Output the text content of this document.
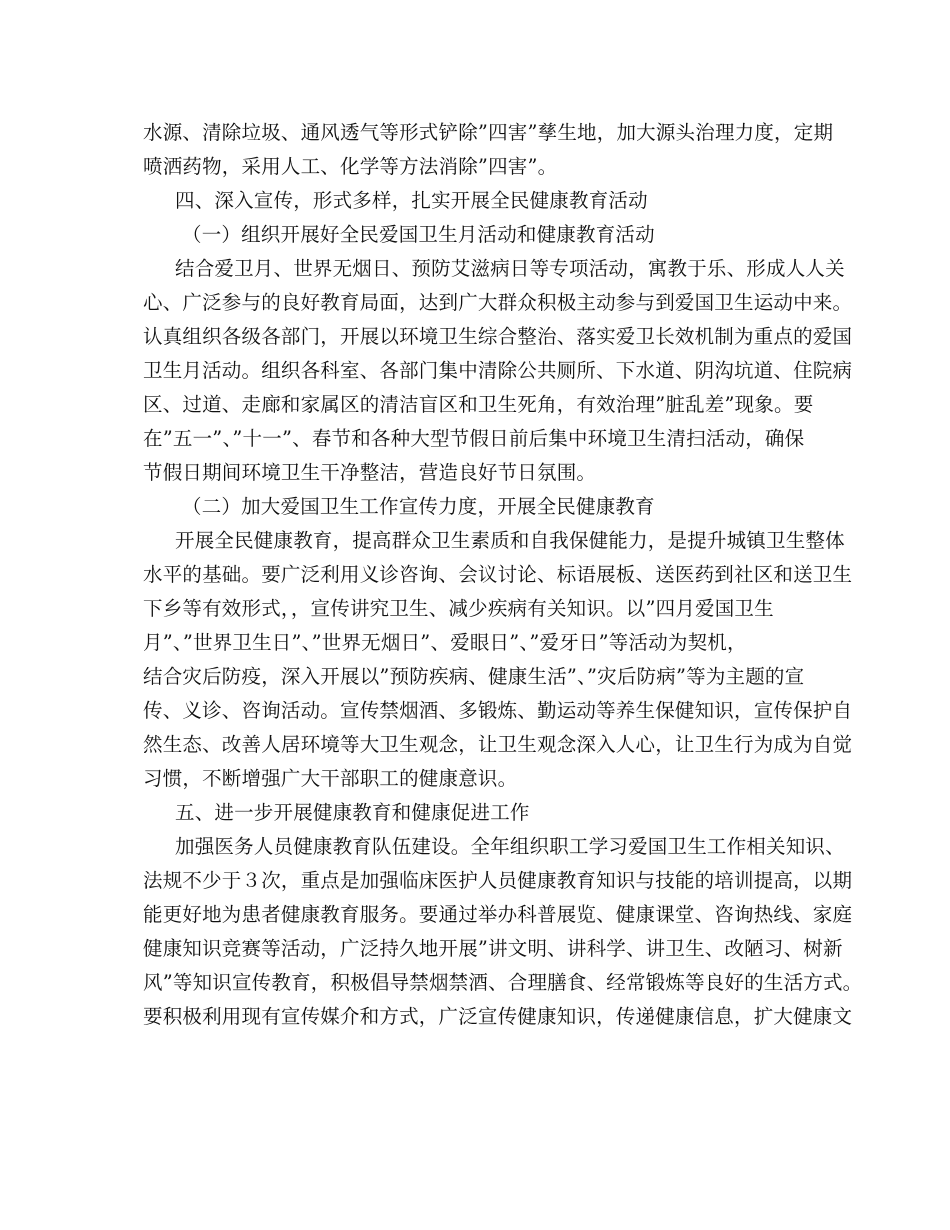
水源、清除垃圾、通风透气等形式铲除”四害”孳生地，加大源头治理力度，定期
喷洒药物，采用人工、化学等方法消除”四害”。
四、深入宣传，形式多样，扎实开展全民健康教育活动
（一）组织开展好全民爱国卫生月活动和健康教育活动
结合爱卫月、世界无烟日、预防艾滋病日等专项活动，寓教于乐、形成人人关
心、广泛参与的良好教育局面，达到广大群众积极主动参与到爱国卫生运动中来。
认真组织各级各部门，开展以环境卫生综合整治、落实爱卫长效机制为重点的爱国
卫生月活动。组织各科室、各部门集中清除公共厕所、下水道、阴沟坑道、住院病
区、过道、走廊和家属区的清洁盲区和卫生死角，有效治理”脏乱差”现象。要
在”五一”、”十一”、春节和各种大型节假日前后集中环境卫生清扫活动，确保
节假日期间环境卫生干净整洁，营造良好节日氛围。
（二）加大爱国卫生工作宣传力度，开展全民健康教育
开展全民健康教育，提高群众卫生素质和自我保健能力，是提升城镇卫生整体
水平的基础。要广泛利用义诊咨询、会议讨论、标语展板、送医药到社区和送卫生
下乡等有效形式，，宣传讲究卫生、减少疾病有关知识。以”四月爱国卫生
月”、”世界卫生日”、”世界无烟日”、爱眼日”、”爱牙日”等活动为契机，
结合灾后防疫，深入开展以”预防疾病、健康生活”、”灾后防病”等为主题的宣
传、义诊、咨询活动。宣传禁烟酒、多锻炼、勤运动等养生保健知识，宣传保护自
然生态、改善人居环境等大卫生观念，让卫生观念深入人心，让卫生行为成为自觉
习惯，不断增强广大干部职工的健康意识。
五、进一步开展健康教育和健康促进工作
加强医务人员健康教育队伍建设。全年组织职工学习爱国卫生工作相关知识、
法规不少于３次，重点是加强临床医护人员健康教育知识与技能的培训提高，以期
能更好地为患者健康教育服务。要通过举办科普展览、健康课堂、咨询热线、家庭
健康知识竞赛等活动，广泛持久地开展”讲文明、讲科学、讲卫生、改陋习、树新
风”等知识宣传教育，积极倡导禁烟禁酒、合理膳食、经常锻炼等良好的生活方式。
要积极利用现有宣传媒介和方式，广泛宣传健康知识，传递健康信息，扩大健康文
